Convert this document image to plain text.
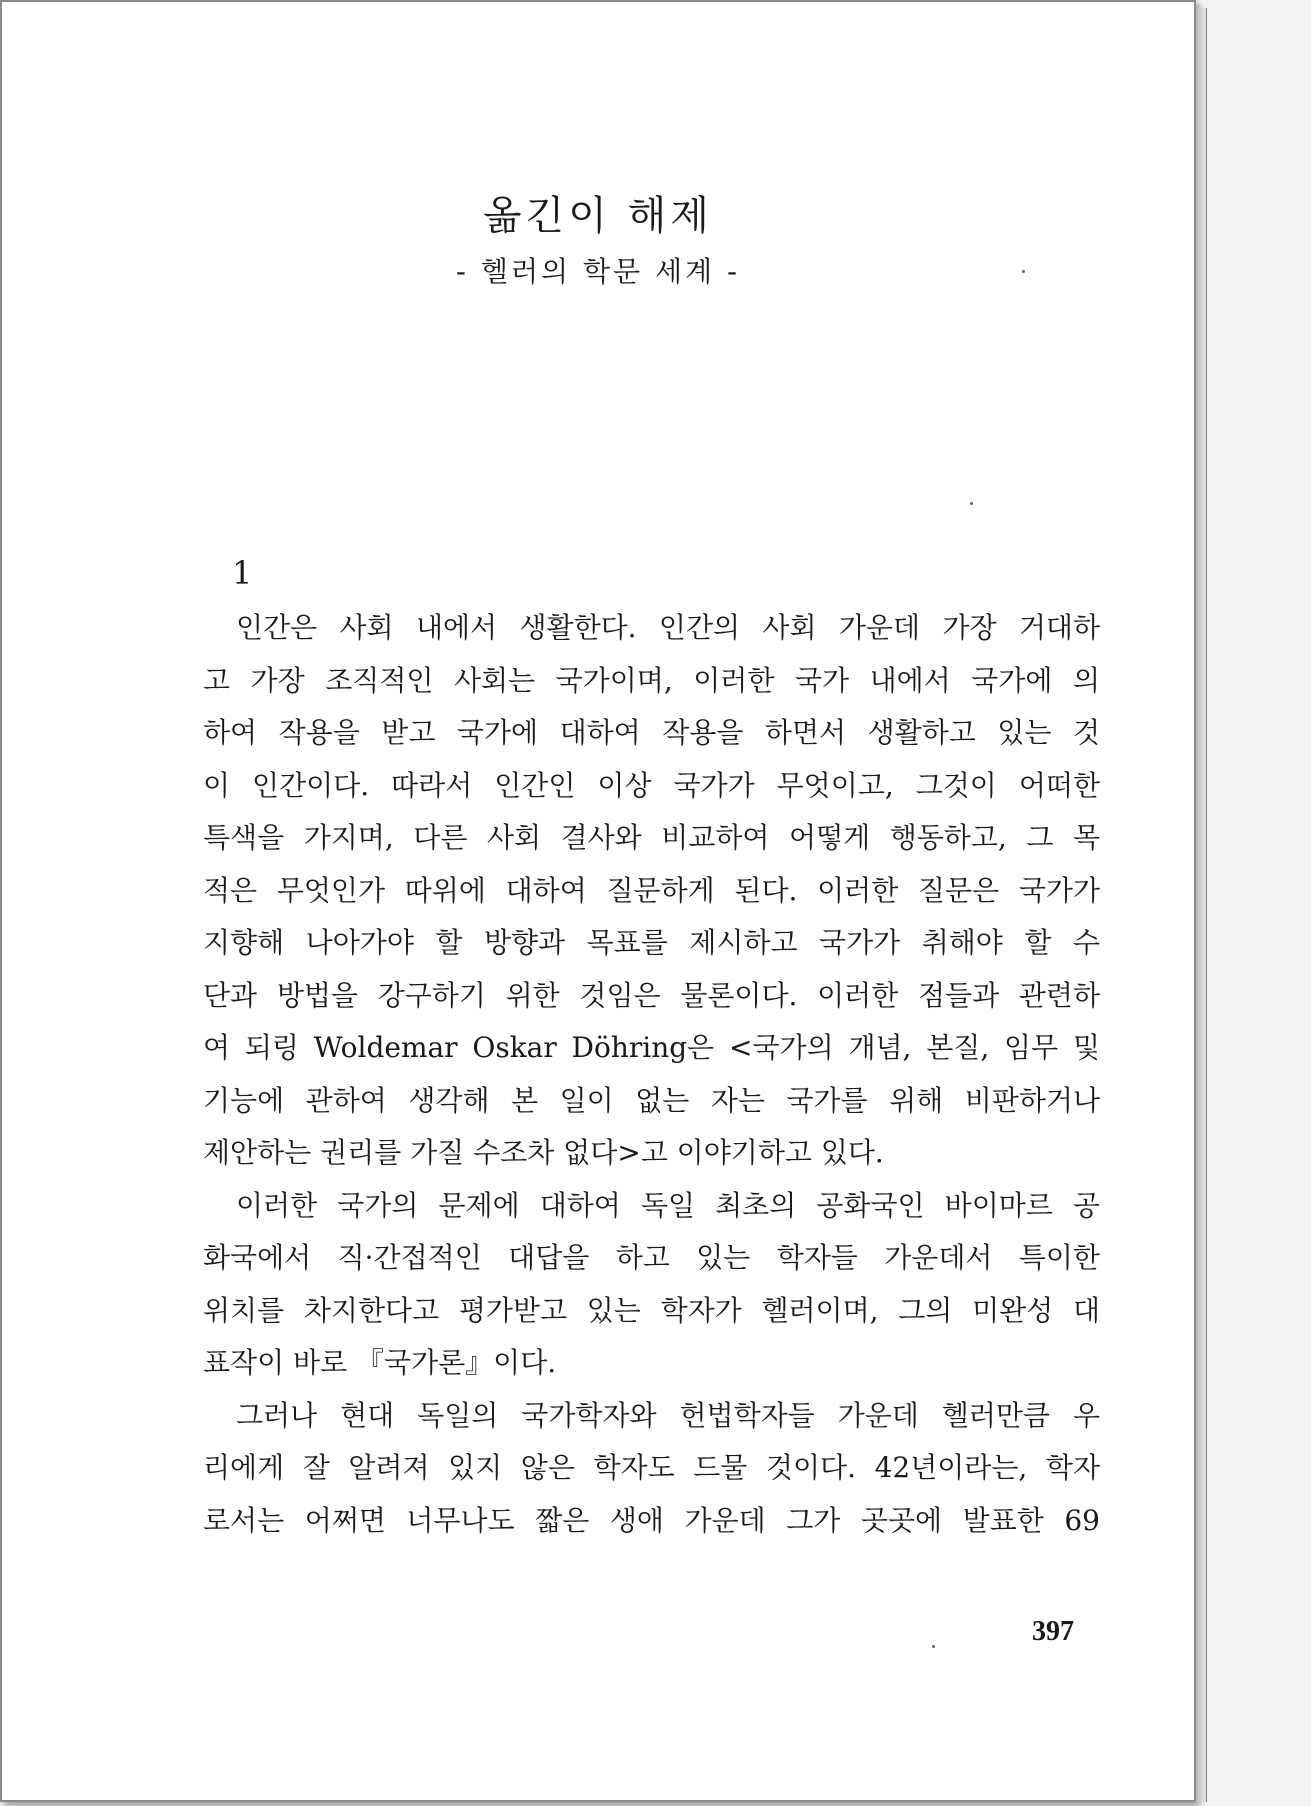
옮긴이 해제
- 헬러의 학문 세계 -
1
인간은 사회 내에서 생활한다. 인간의 사회 가운데 가장 거대하
고 가장 조직적인 사회는 국가이며, 이러한 국가 내에서 국가에 의
하여 작용을 받고 국가에 대하여 작용을 하면서 생활하고 있는 것
이 인간이다. 따라서 인간인 이상 국가가 무엇이고, 그것이 어떠한
특색을 가지며, 다른 사회 결사와 비교하여 어떻게 행동하고, 그 목
적은 무엇인가 따위에 대하여 질문하게 된다. 이러한 질문은 국가가
지향해 나아가야 할 방향과 목표를 제시하고 국가가 취해야 할 수
단과 방법을 강구하기 위한 것임은 물론이다. 이러한 점들과 관련하
여 되링 Woldemar Oskar Döhring은 <국가의 개념, 본질, 임무 및
기능에 관하여 생각해 본 일이 없는 자는 국가를 위해 비판하거나
제안하는 권리를 가질 수조차 없다>고 이야기하고 있다.
이러한 국가의 문제에 대하여 독일 최초의 공화국인 바이마르 공
화국에서 직·간접적인 대답을 하고 있는 학자들 가운데서 특이한
위치를 차지한다고 평가받고 있는 학자가 헬러이며, 그의 미완성 대
표작이 바로 『국가론』이다.
그러나 현대 독일의 국가학자와 헌법학자들 가운데 헬러만큼 우
리에게 잘 알려져 있지 않은 학자도 드물 것이다. 42년이라는, 학자
로서는 어쩌면 너무나도 짧은 생애 가운데 그가 곳곳에 발표한 69
397
